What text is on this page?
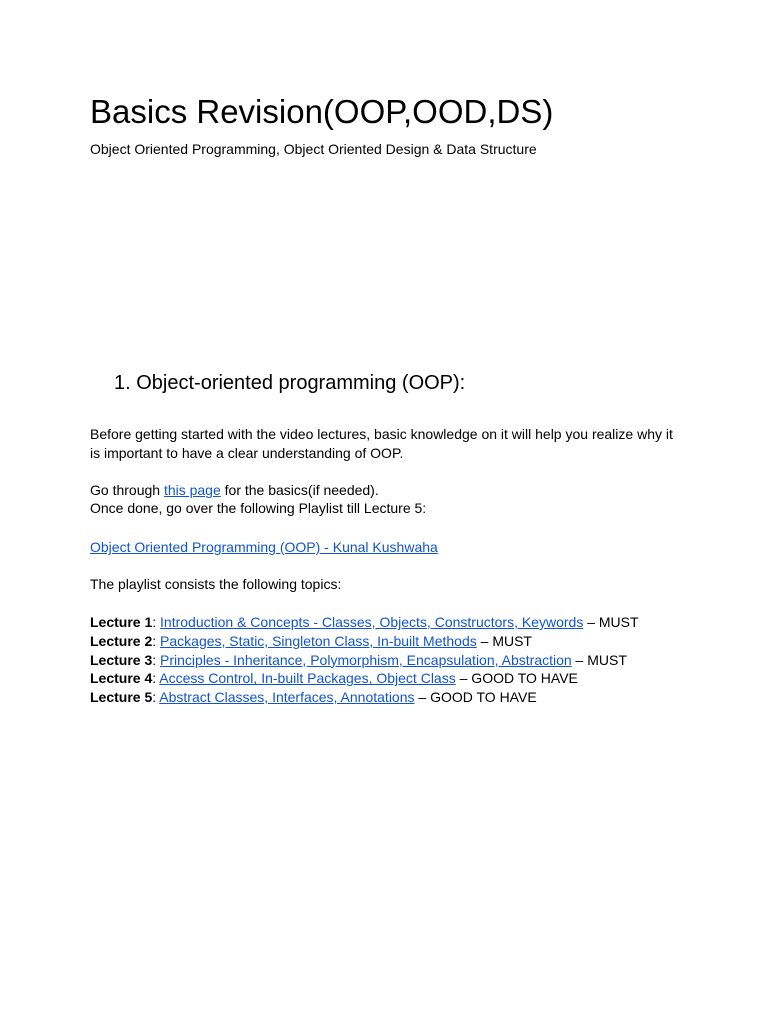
Basics Revision(OOP,OOD,DS)

Object Oriented Programming, Object Oriented Design & Data Structure

1. Object-oriented programming (OOP):

Before getting started with the video lectures, basic knowledge on it will help you realize why it is important to have a clear understanding of OOP.

Go through this page for the basics(if needed).

Once done, go over the following Playlist till Lecture 5:

Object Oriented Programming (OOP) - Kunal Kushwaha

The playlist consists the following topics:

Lecture 1: Introduction & Concepts - Classes, Objects, Constructors, Keywords – MUST
Lecture 2: Packages, Static, Singleton Class, In-built Methods – MUST
Lecture 3: Principles - Inheritance, Polymorphism, Encapsulation, Abstraction – MUST
Lecture 4: Access Control, In-built Packages, Object Class – GOOD TO HAVE
Lecture 5: Abstract Classes, Interfaces, Annotations – GOOD TO HAVE
